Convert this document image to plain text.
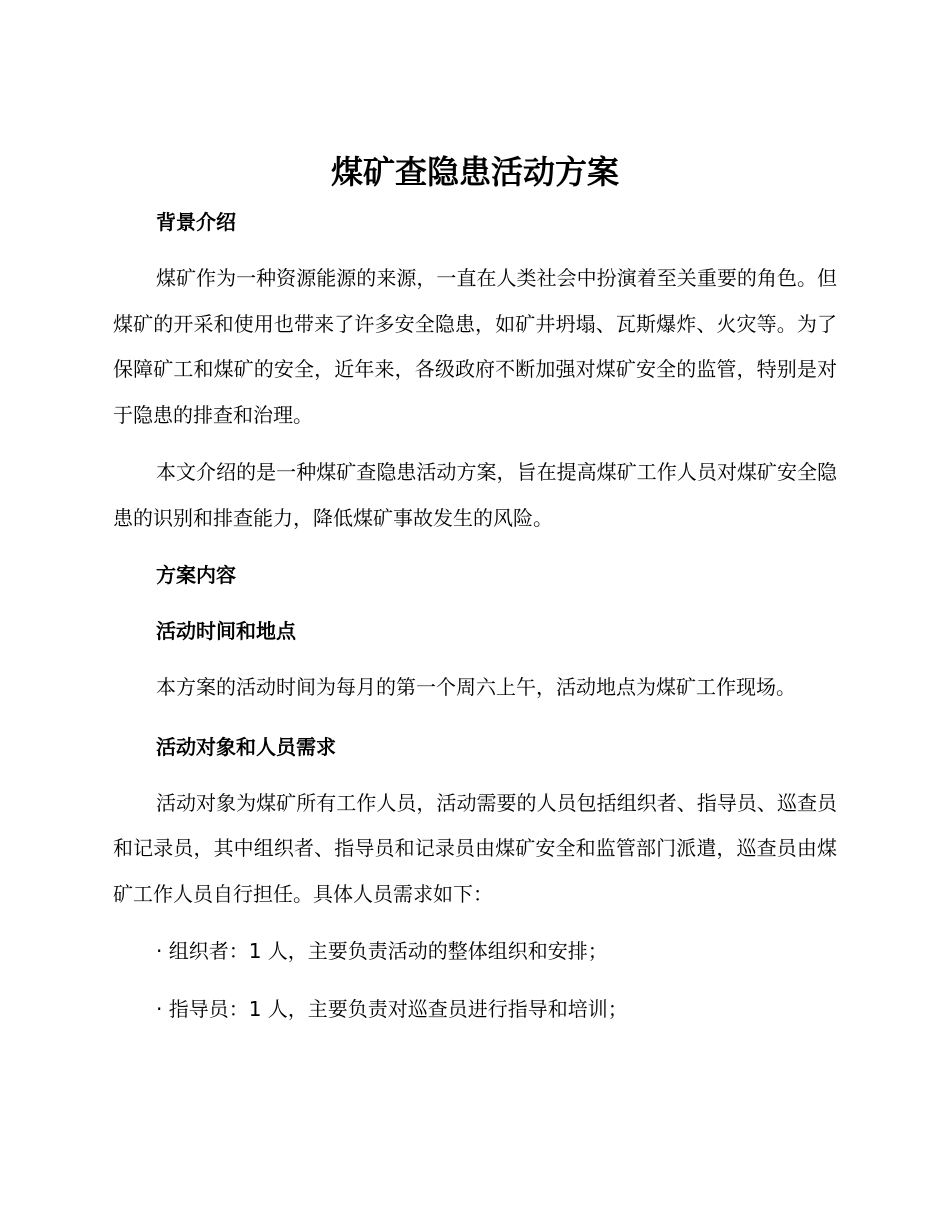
煤矿查隐患活动方案

背景介绍

煤矿作为一种资源能源的来源，一直在人类社会中扮演着至关重要的角色。但煤矿的开采和使用也带来了许多安全隐患，如矿井坍塌、瓦斯爆炸、火灾等。为了保障矿工和煤矿的安全，近年来，各级政府不断加强对煤矿安全的监管，特别是对于隐患的排查和治理。

本文介绍的是一种煤矿查隐患活动方案，旨在提高煤矿工作人员对煤矿安全隐患的识别和排查能力，降低煤矿事故发生的风险。

方案内容

活动时间和地点

本方案的活动时间为每月的第一个周六上午，活动地点为煤矿工作现场。

活动对象和人员需求

活动对象为煤矿所有工作人员，活动需要的人员包括组织者、指导员、巡查员和记录员，其中组织者、指导员和记录员由煤矿安全和监管部门派遣，巡查员由煤矿工作人员自行担任。具体人员需求如下：

· 组织者：1 人，主要负责活动的整体组织和安排；

· 指导员：1 人，主要负责对巡查员进行指导和培训；
